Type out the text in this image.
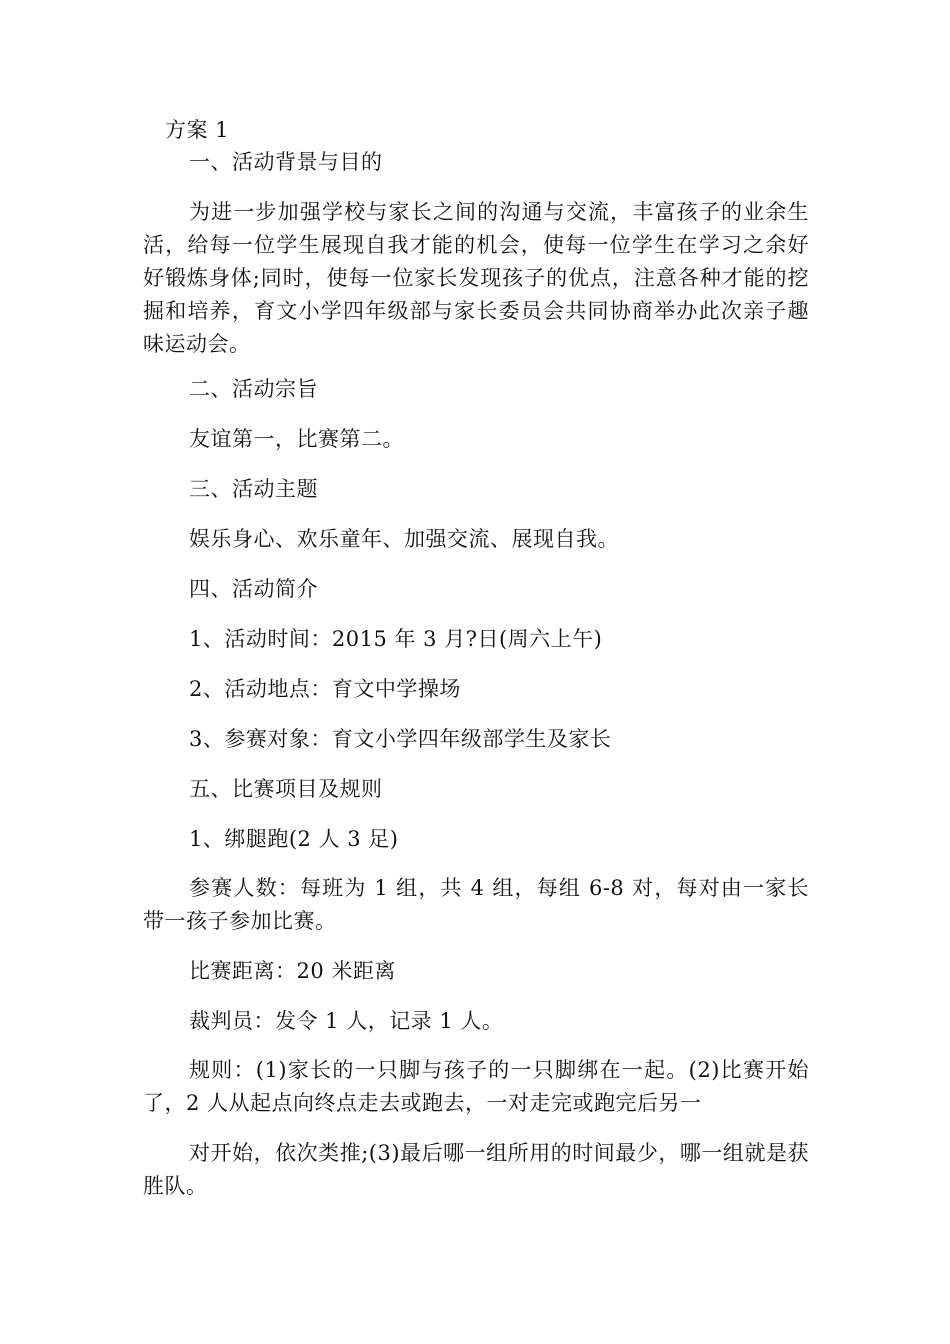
方案 1
一、活动背景与目的
为进一步加强学校与家长之间的沟通与交流，丰富孩子的业余生活，给每一位学生展现自我才能的机会，使每一位学生在学习之余好好锻炼身体;同时，使每一位家长发现孩子的优点，注意各种才能的挖掘和培养，育文小学四年级部与家长委员会共同协商举办此次亲子趣味运动会。
二、活动宗旨
友谊第一，比赛第二。
三、活动主题
娱乐身心、欢乐童年、加强交流、展现自我。
四、活动简介
1、活动时间：2015 年 3 月?日(周六上午)
2、活动地点：育文中学操场
3、参赛对象：育文小学四年级部学生及家长
五、比赛项目及规则
1、绑腿跑(2 人 3 足)
参赛人数：每班为 1 组，共 4 组，每组 6-8 对，每对由一家长带一孩子参加比赛。
比赛距离：20 米距离
裁判员：发令 1 人，记录 1 人。
规则：(1)家长的一只脚与孩子的一只脚绑在一起。(2)比赛开始了，2 人从起点向终点走去或跑去，一对走完或跑完后另一
对开始，依次类推;(3)最后哪一组所用的时间最少，哪一组就是获胜队。
